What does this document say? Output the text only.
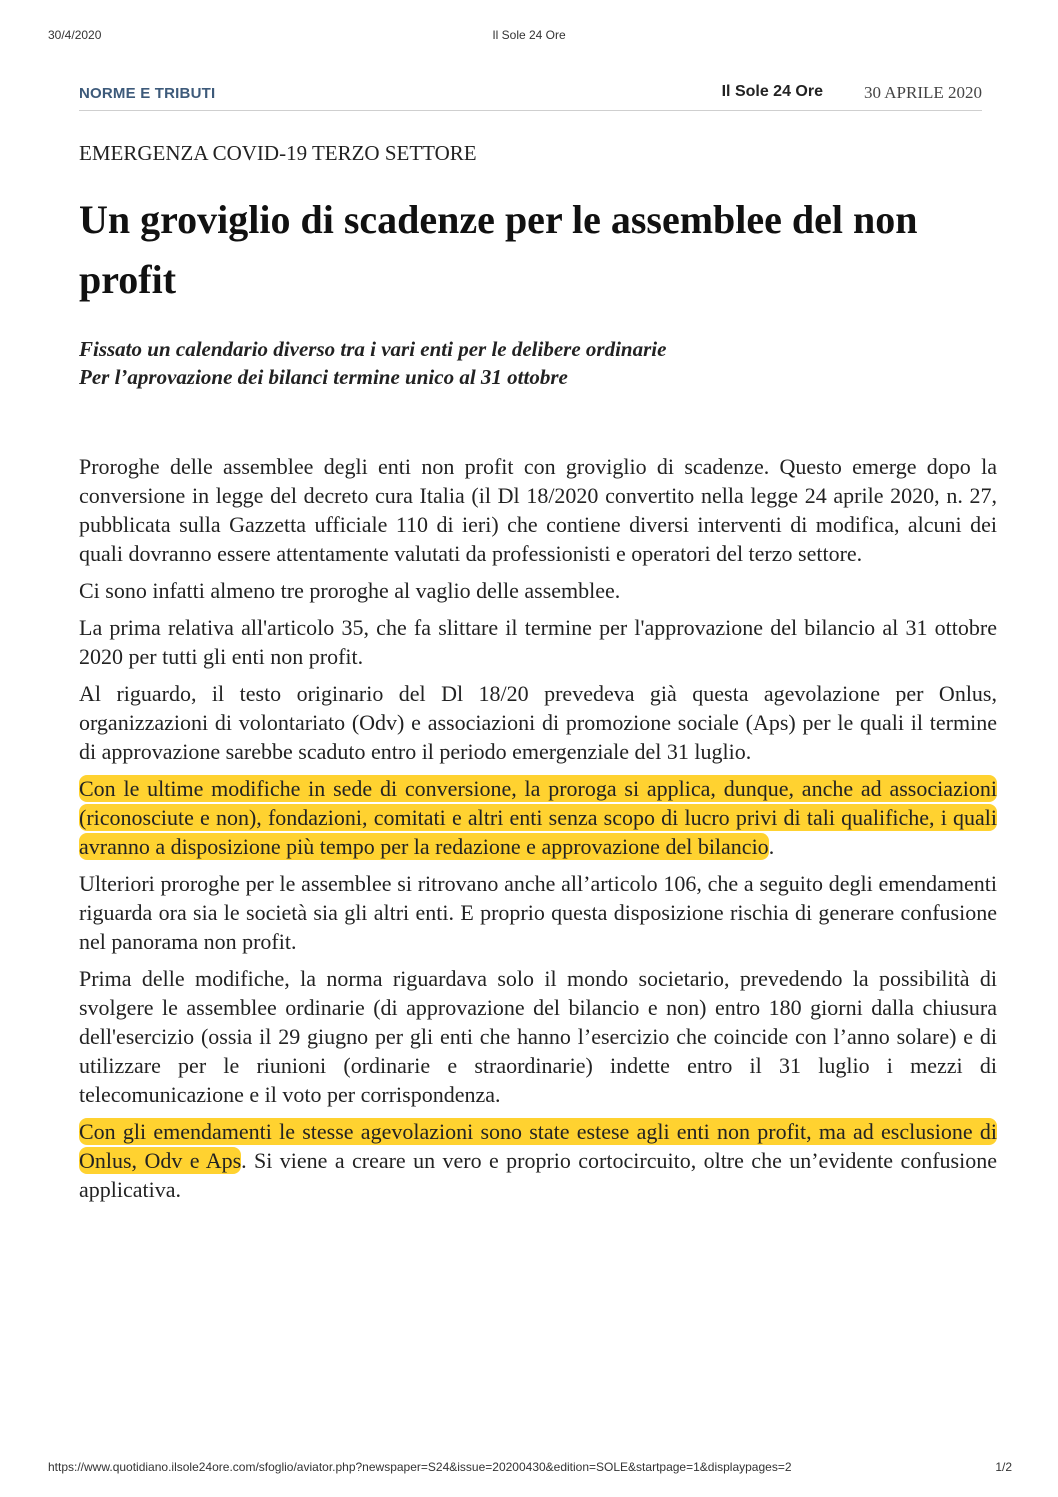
30/4/2020	Il Sole 24 Ore
NORME E TRIBUTI	Il Sole 24 Ore 30 APRILE 2020
EMERGENZA COVID-19 TERZO SETTORE
Un groviglio di scadenze per le assemblee del non profit
Fissato un calendario diverso tra i vari enti per le delibere ordinarie
Per l’aprovazione dei bilanci termine unico al 31 ottobre

Proroghe delle assemblee degli enti non profit con groviglio di scadenze. Questo emerge dopo la conversione in legge del decreto cura Italia (il Dl 18/2020 convertito nella legge 24 aprile 2020, n. 27, pubblicata sulla Gazzetta ufficiale 110 di ieri) che contiene diversi interventi di modifica, alcuni dei quali dovranno essere attentamente valutati da professionisti e operatori del terzo settore.

Ci sono infatti almeno tre proroghe al vaglio delle assemblee.

La prima relativa all'articolo 35, che fa slittare il termine per l'approvazione del bilancio al 31 ottobre 2020 per tutti gli enti non profit.

Al riguardo, il testo originario del Dl 18/20 prevedeva già questa agevolazione per Onlus, organizzazioni di volontariato (Odv) e associazioni di promozione sociale (Aps) per le quali il termine di approvazione sarebbe scaduto entro il periodo emergenziale del 31 luglio.

Con le ultime modifiche in sede di conversione, la proroga si applica, dunque, anche ad associazioni (riconosciute e non), fondazioni, comitati e altri enti senza scopo di lucro privi di tali qualifiche, i quali avranno a disposizione più tempo per la redazione e approvazione del bilancio.

Ulteriori proroghe per le assemblee si ritrovano anche all’articolo 106, che a seguito degli emendamenti riguarda ora sia le società sia gli altri enti. E proprio questa disposizione rischia di generare confusione nel panorama non profit.

Prima delle modifiche, la norma riguardava solo il mondo societario, prevedendo la possibilità di svolgere le assemblee ordinarie (di approvazione del bilancio e non) entro 180 giorni dalla chiusura dell'esercizio (ossia il 29 giugno per gli enti che hanno l’esercizio che coincide con l’anno solare) e di utilizzare per le riunioni (ordinarie e straordinarie) indette entro il 31 luglio i mezzi di telecomunicazione e il voto per corrispondenza.

Con gli emendamenti le stesse agevolazioni sono state estese agli enti non profit, ma ad esclusione di Onlus, Odv e Aps. Si viene a creare un vero e proprio cortocircuito, oltre che un’evidente confusione applicativa.

https://www.quotidiano.ilsole24ore.com/sfoglio/aviator.php?newspaper=S24&issue=20200430&edition=SOLE&startpage=1&displaypages=2	1/2
